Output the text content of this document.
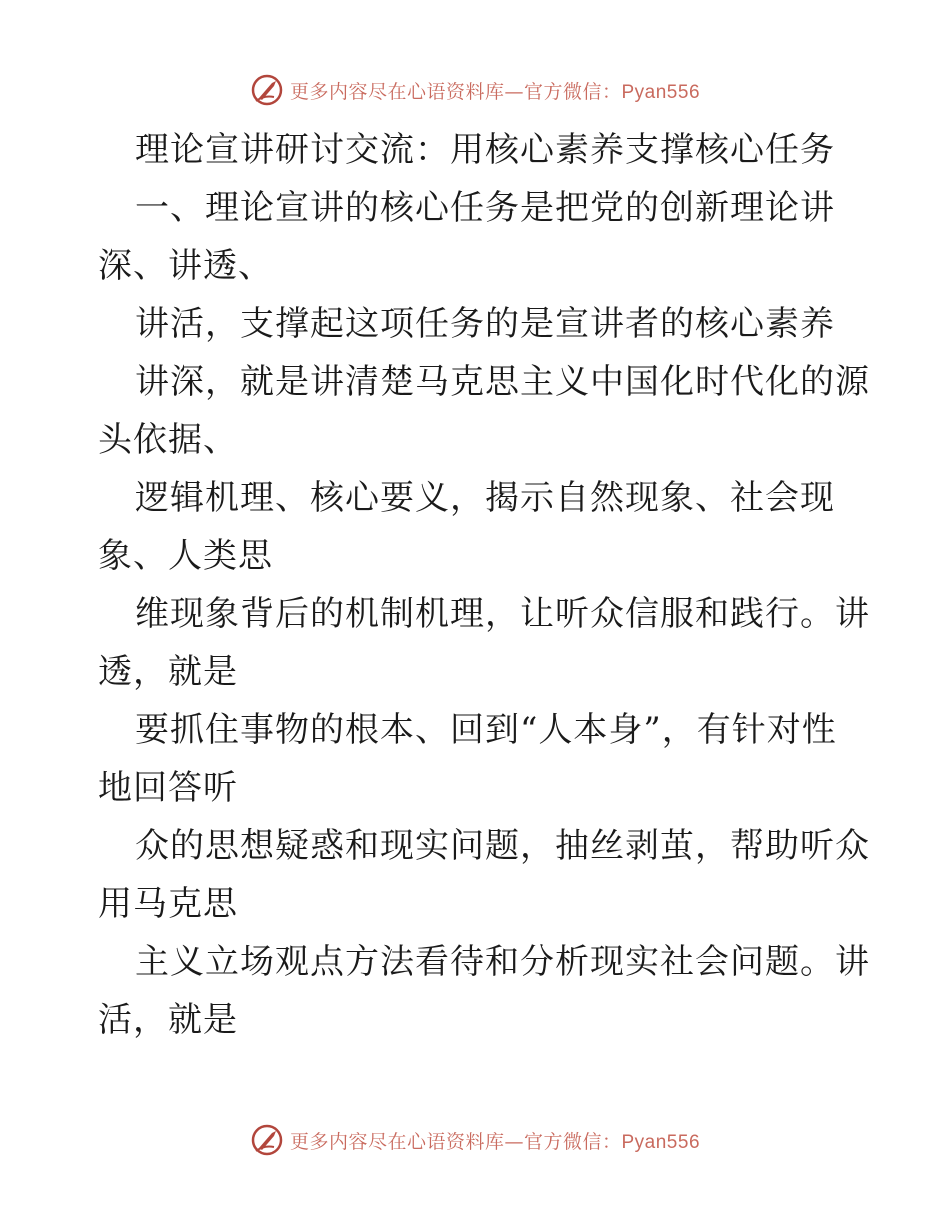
更多内容尽在心语资料库—官方微信：Pyan556
理论宣讲研讨交流：用核心素养支撑核心任务
一、理论宣讲的核心任务是把党的创新理论讲
深、讲透、
讲活，支撑起这项任务的是宣讲者的核心素养
讲深，就是讲清楚马克思主义中国化时代化的源
头依据、
逻辑机理、核心要义，揭示自然现象、社会现
象、人类思
维现象背后的机制机理，让听众信服和践行。讲
透，就是
要抓住事物的根本、回到“人本身”，有针对性
地回答听
众的思想疑惑和现实问题，抽丝剥茧，帮助听众
用马克思
主义立场观点方法看待和分析现实社会问题。讲
活，就是
更多内容尽在心语资料库—官方微信：Pyan556
